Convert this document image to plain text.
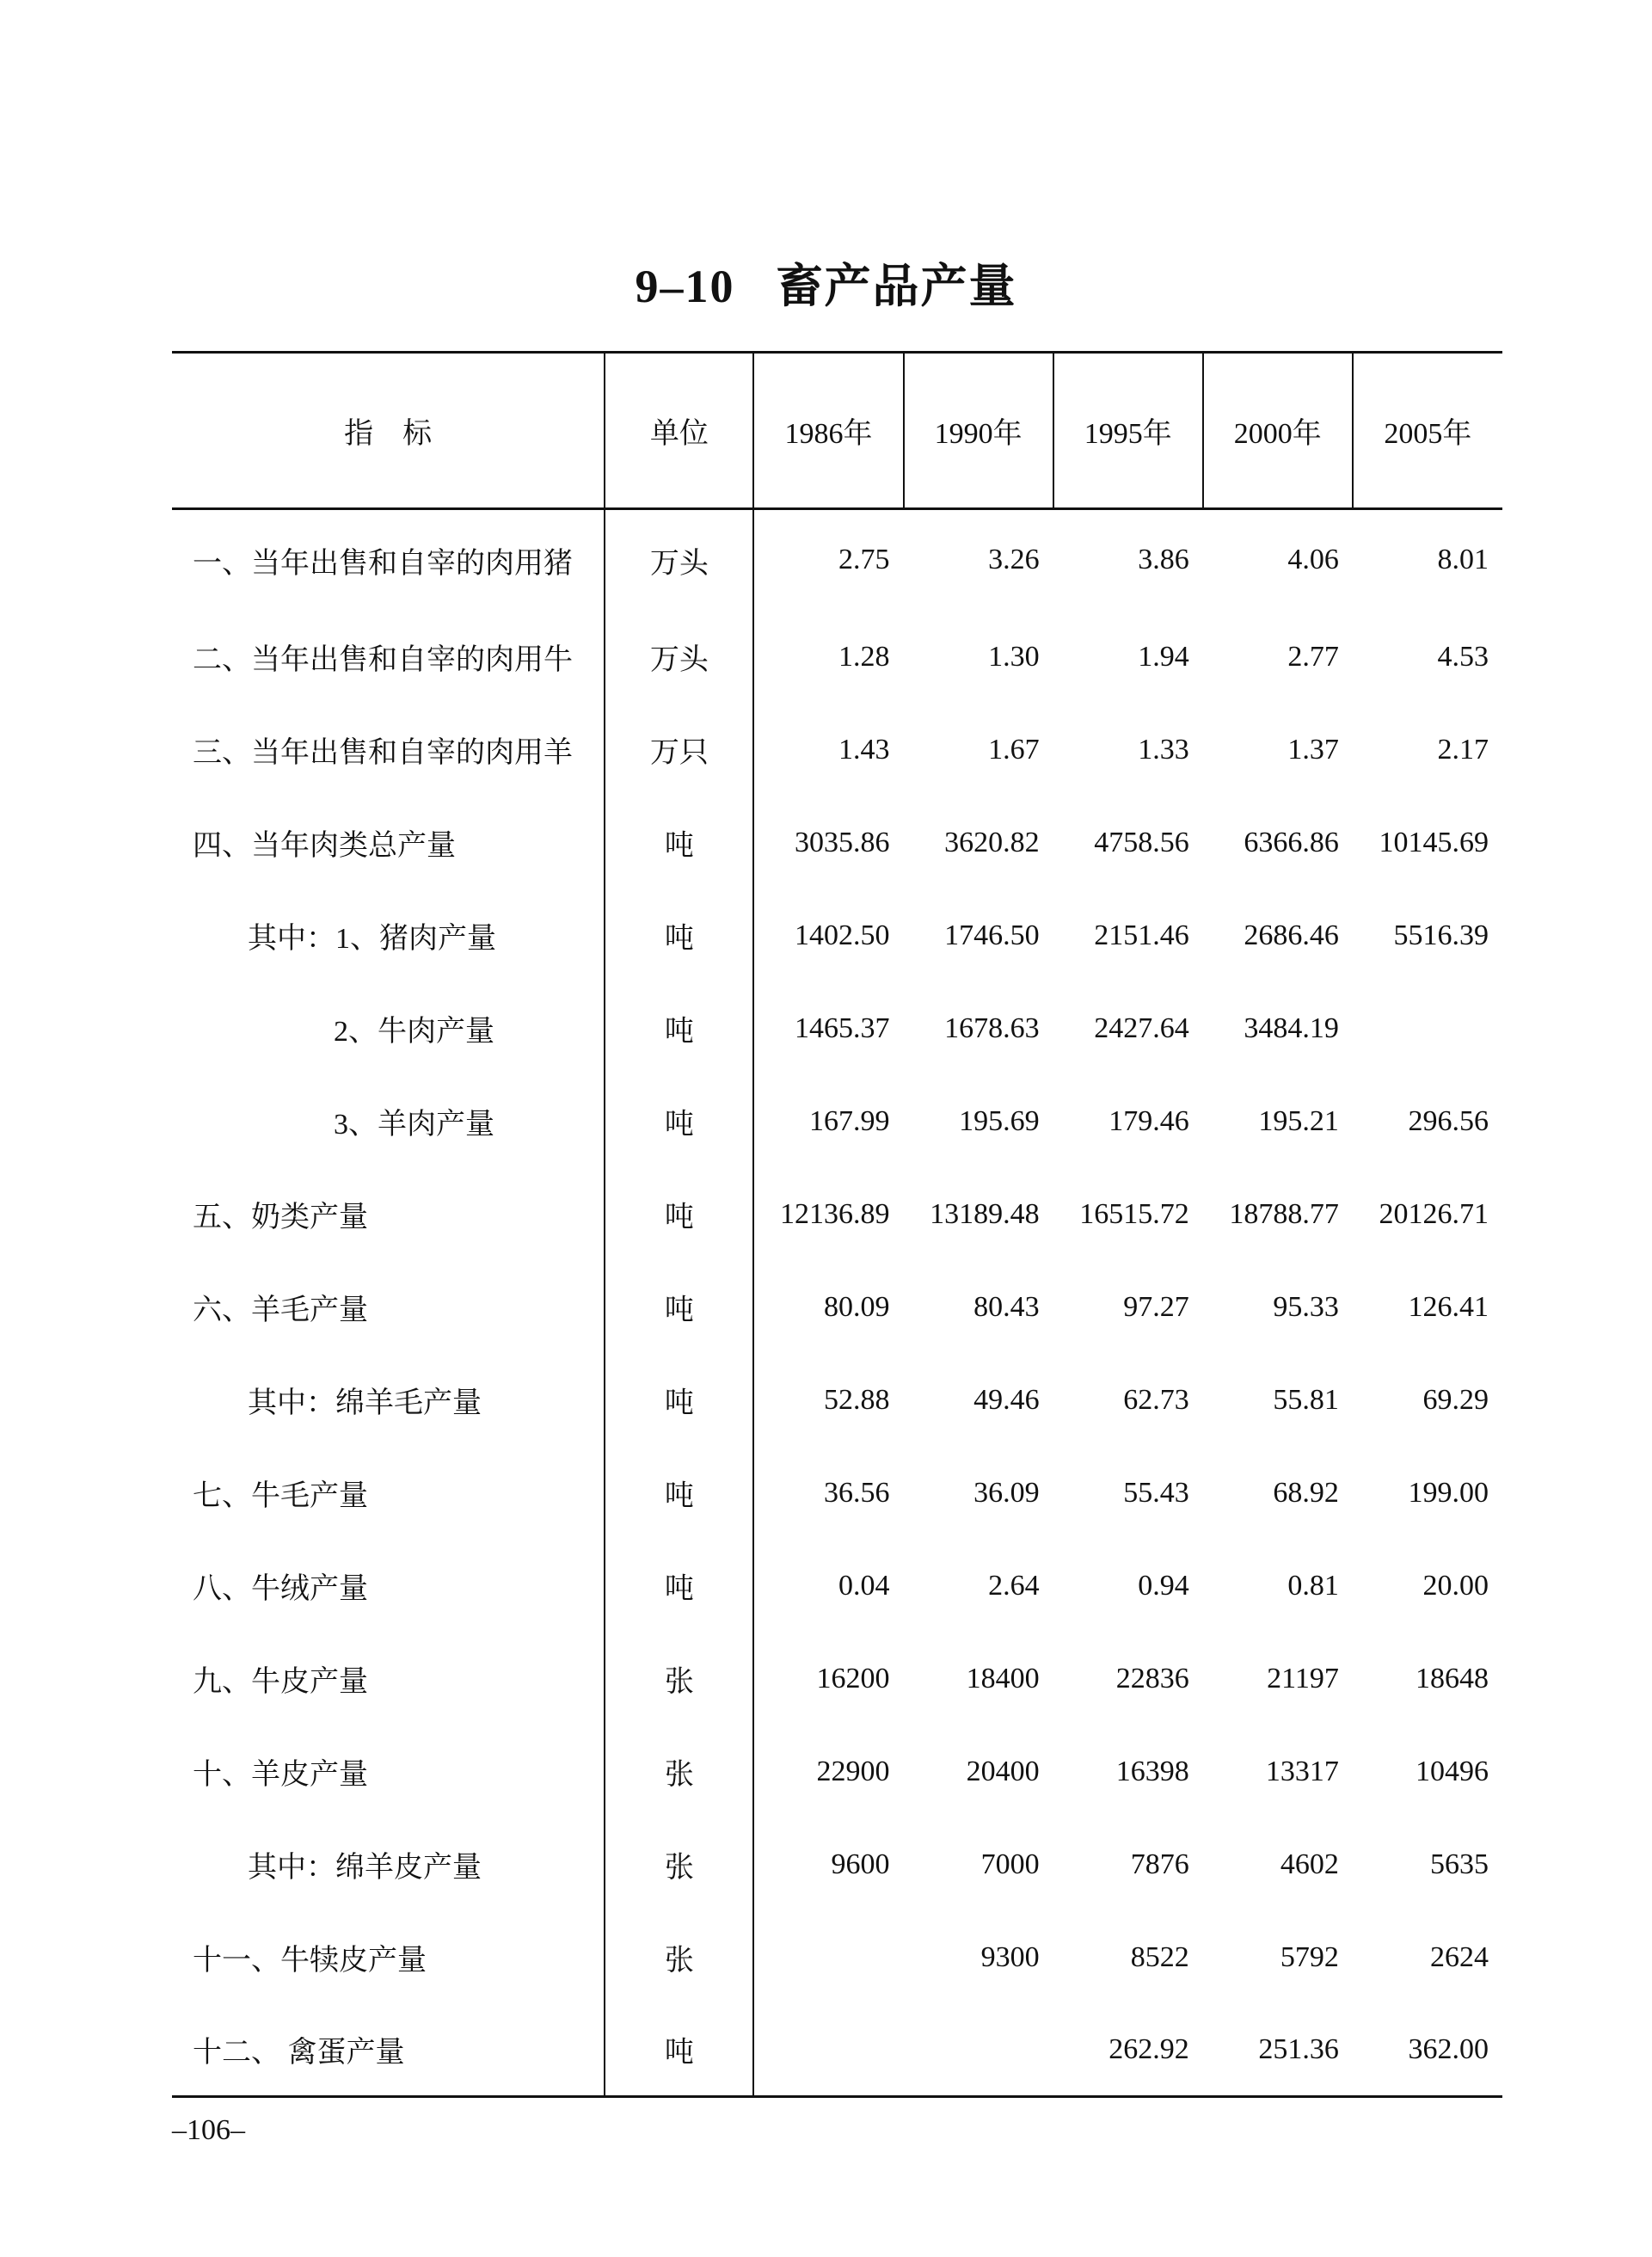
9–10 畜产品产量
指　标	单位	1986年	1990年	1995年	2000年	2005年
一、当年出售和自宰的肉用猪	万头	2.75	3.26	3.86	4.06	8.01
二、当年出售和自宰的肉用牛	万头	1.28	1.30	1.94	2.77	4.53
三、当年出售和自宰的肉用羊	万只	1.43	1.67	1.33	1.37	2.17
四、当年肉类总产量	吨	3035.86	3620.82	4758.56	6366.86	10145.69
其中：1、猪肉产量	吨	1402.50	1746.50	2151.46	2686.46	5516.39
2、牛肉产量	吨	1465.37	1678.63	2427.64	3484.19	
3、羊肉产量	吨	167.99	195.69	179.46	195.21	296.56
五、奶类产量	吨	12136.89	13189.48	16515.72	18788.77	20126.71
六、羊毛产量	吨	80.09	80.43	97.27	95.33	126.41
其中：绵羊毛产量	吨	52.88	49.46	62.73	55.81	69.29
七、牛毛产量	吨	36.56	36.09	55.43	68.92	199.00
八、牛绒产量	吨	0.04	2.64	0.94	0.81	20.00
九、牛皮产量	张	16200	18400	22836	21197	18648
十、羊皮产量	张	22900	20400	16398	13317	10496
其中：绵羊皮产量	张	9600	7000	7876	4602	5635
十一、牛犊皮产量	张		9300	8522	5792	2624
十二、 禽蛋产量	吨			262.92	251.36	362.00
–106–
